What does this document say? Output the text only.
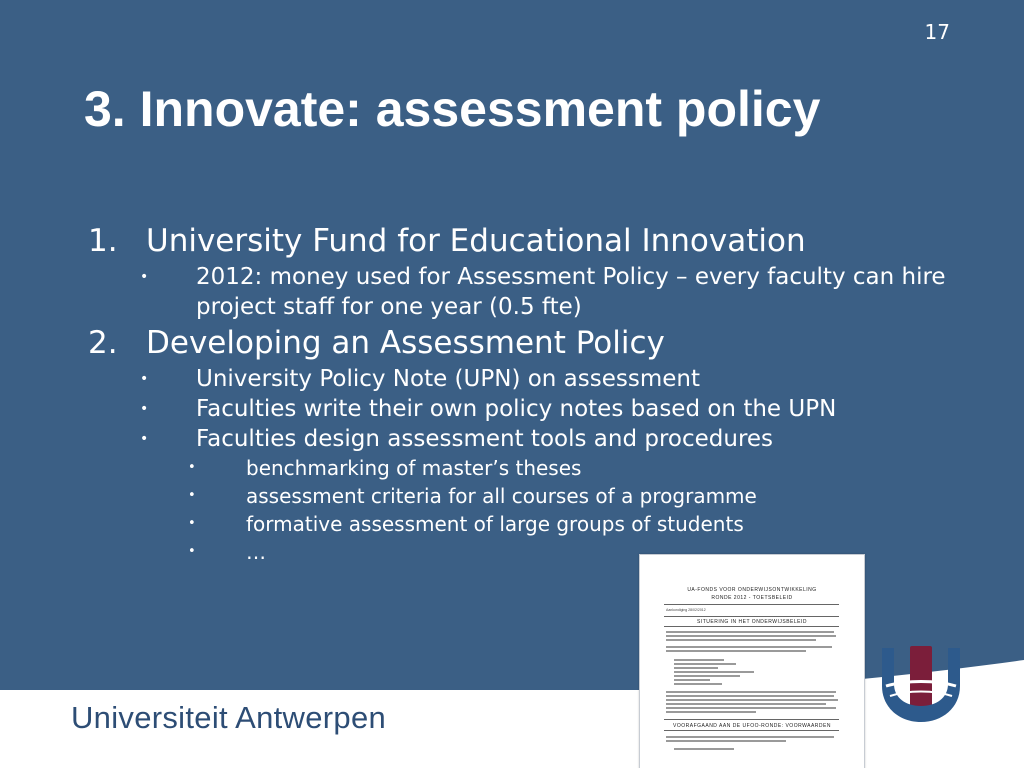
17
3. Innovate: assessment policy
1. University Fund for Educational Innovation
• 2012: money used for Assessment Policy – every faculty can hire project staff for one year (0.5 fte)
2. Developing an Assessment Policy
• University Policy Note (UPN) on assessment
• Faculties write their own policy notes based on the UPN
• Faculties design assessment tools and procedures
•	benchmarking of master’s theses
•	assessment criteria for all courses of a programme
•	formative assessment of large groups of students
•	…
Universiteit Antwerpen
UA-FONDS VOOR ONDERWIJSONTWIKKELING
RONDE 2012 - TOETSBELEID
Aankondiging 28/02/2012
SITUERING IN HET ONDERWIJSBELEID
VOORAFGAAND AAN DE UFOO-RONDE: VOORWAARDEN
